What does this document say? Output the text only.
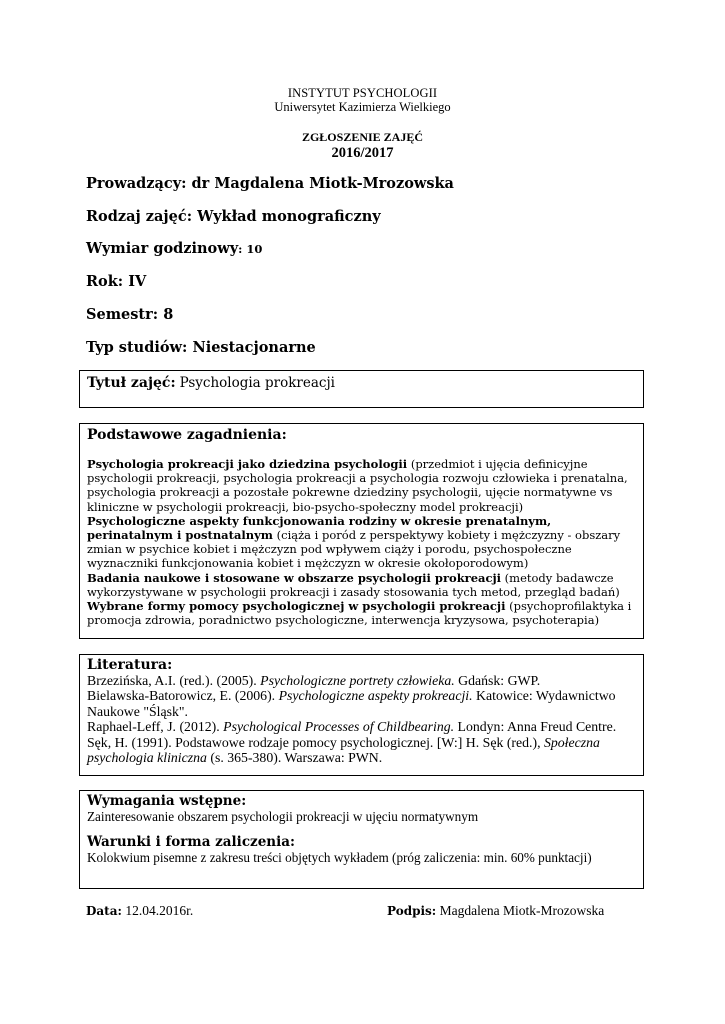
INSTYTUT PSYCHOLOGII
Uniwersytet Kazimierza Wielkiego
ZGŁOSZENIE ZAJĘĆ
2016/2017
Prowadzący: dr Magdalena Miotk-Mrozowska
Rodzaj zajęć: Wykład monograficzny
Wymiar godzinowy: 10
Rok: IV
Semestr: 8
Typ studiów: Niestacjonarne
Tytuł zajęć: Psychologia prokreacji
Podstawowe zagadnienia:
Psychologia prokreacji jako dziedzina psychologii (przedmiot i ujęcia definicyjne psychologii prokreacji, psychologia prokreacji a psychologia rozwoju człowieka i prenatalna, psychologia prokreacji a pozostałe pokrewne dziedziny psychologii, ujęcie normatywne vs kliniczne w psychologii prokreacji, bio-psycho-społeczny model prokreacji)
Psychologiczne aspekty funkcjonowania rodziny w okresie prenatalnym, perinatalnym i postnatalnym (ciąża i poród z perspektywy kobiety i mężczyzny - obszary zmian w psychice kobiet i mężczyzn pod wpływem ciąży i porodu, psychospołeczne wyznaczniki funkcjonowania kobiet i mężczyzn w okresie okołoporodowym)
Badania naukowe i stosowane w obszarze psychologii prokreacji (metody badawcze wykorzystywane w psychologii prokreacji i zasady stosowania tych metod, przegląd badań)
Wybrane formy pomocy psychologicznej w psychologii prokreacji (psychoprofilaktyka i promocja zdrowia, poradnictwo psychologiczne, interwencja kryzysowa, psychoterapia)
Literatura:
Brzezińska, A.I. (red.). (2005). Psychologiczne portrety człowieka. Gdańsk: GWP.
Bielawska-Batorowicz, E. (2006). Psychologiczne aspekty prokreacji. Katowice: Wydawnictwo Naukowe "Śląsk".
Raphael-Leff, J. (2012). Psychological Processes of Childbearing. Londyn: Anna Freud Centre.
Sęk, H. (1991). Podstawowe rodzaje pomocy psychologicznej. [W:] H. Sęk (red.), Społeczna psychologia kliniczna (s. 365-380). Warszawa: PWN.
Wymagania wstępne:
Zainteresowanie obszarem psychologii prokreacji w ujęciu normatywnym
Warunki i forma zaliczenia:
Kolokwium pisemne z zakresu treści objętych wykładem (próg zaliczenia: min. 60% punktacji)
Data: 12.04.2016r.	Podpis: Magdalena Miotk-Mrozowska
